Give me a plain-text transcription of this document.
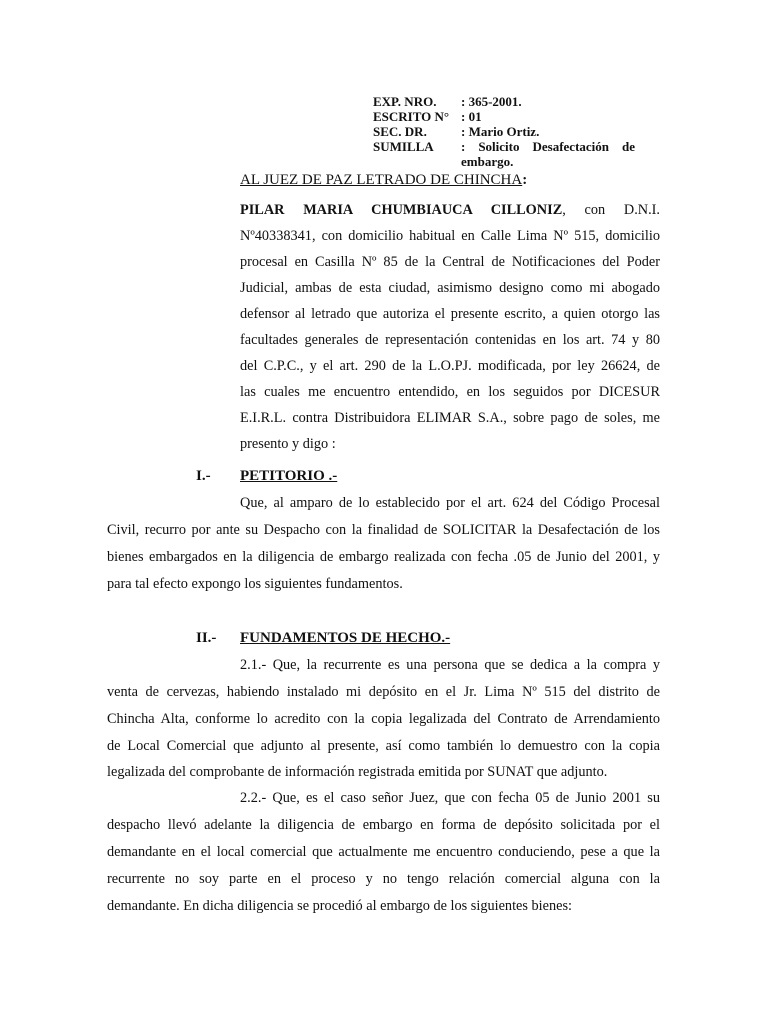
EXP. NRO. : 365-2001.
ESCRITO N° : 01
SEC. DR.	: Mario Ortiz.
SUMILLA :    Solicito    Desafectación    de
embargo.
AL JUEZ DE PAZ LETRADO DE CHINCHA:
PILAR MARIA CHUMBIAUCA CILLONIZ, con D.N.I.
Nº40338341, con domicilio habitual en Calle Lima Nº 515, domicilio
procesal en Casilla Nº 85 de la Central de Notificaciones del Poder
Judicial, ambas de esta ciudad, asimismo designo como mi abogado
defensor al letrado que autoriza el presente escrito, a quien otorgo las
facultades generales de representación contenidas en los art. 74 y 80
del C.P.C., y el art. 290 de la L.O.PJ. modificada, por ley 26624, de
las cuales me encuentro entendido, en los seguidos por DICESUR
E.I.R.L. contra Distribuidora ELIMAR S.A., sobre pago de soles, me
presento y digo :
I.- PETITORIO .-
Que, al amparo de lo establecido por el art. 624 del Código Procesal
Civil, recurro por ante su Despacho con la finalidad de SOLICITAR la Desafectación de los
bienes embargados en la diligencia de embargo realizada con fecha .05 de Junio del 2001, y
para tal efecto expongo los siguientes fundamentos.
II.- FUNDAMENTOS DE HECHO.-
2.1.- Que, la recurrente es una persona que se dedica a la compra y
venta de cervezas, habiendo instalado mi depósito en el Jr. Lima Nº 515 del distrito de
Chincha Alta, conforme lo acredito con la copia legalizada del Contrato de Arrendamiento
de Local Comercial que adjunto al presente, así como también lo demuestro con la copia
legalizada del comprobante de información registrada emitida por SUNAT que adjunto.
2.2.- Que, es el caso señor Juez, que con fecha 05 de Junio 2001 su
despacho llevó adelante la diligencia de embargo en forma de depósito solicitada por el
demandante en el local comercial que actualmente me encuentro conduciendo, pese a que la
recurrente no soy parte en el proceso y no tengo relación comercial alguna con la
demandante. En dicha diligencia se procedió al embargo de los siguientes bienes:
